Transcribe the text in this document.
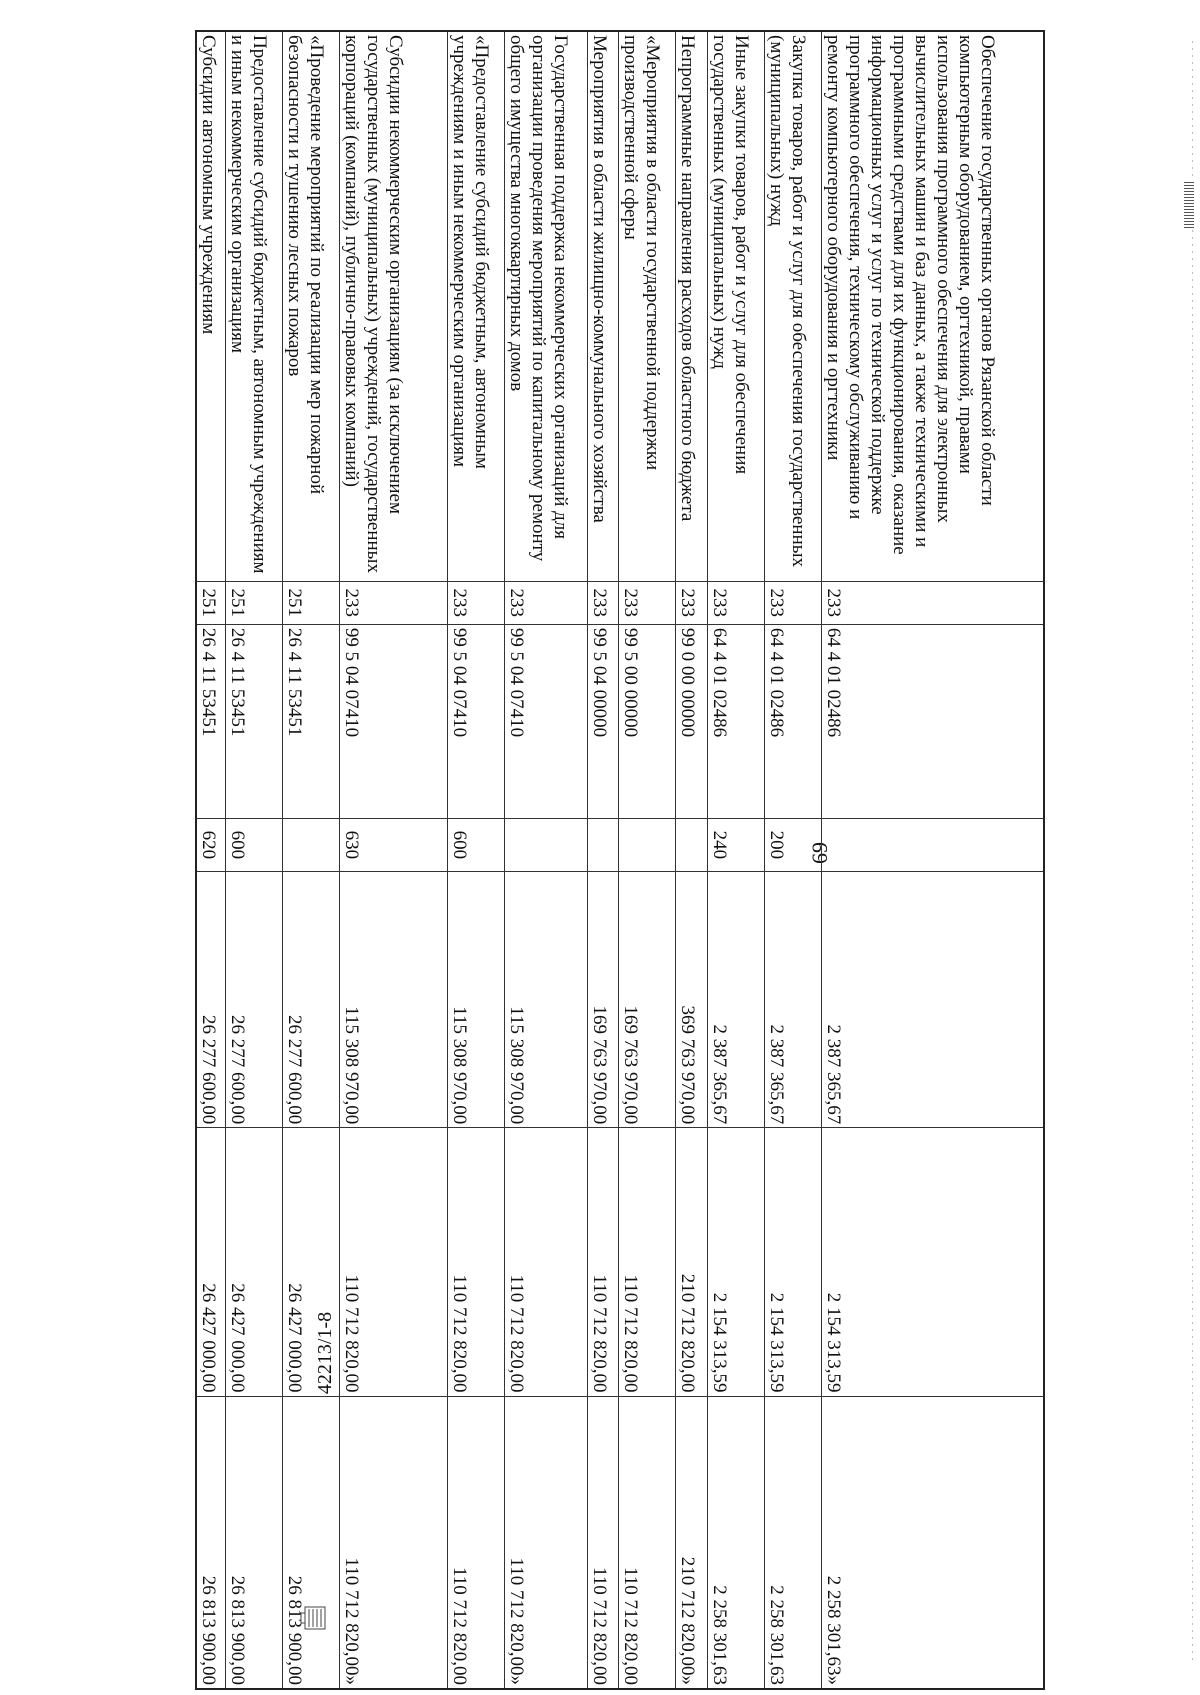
69
Обеспечение государственных органов Рязанской области компьютерным оборудованием, оргтехникой, правами использования программного обеспечения для электронных вычислительных машин и баз данных, а также техническими и программными средствами для их функционирования, оказание информационных услуг и услуг по технической поддержке программного обеспечения, техническому обслуживанию и ремонту компьютерного оборудования и оргтехники	233	64 4 01 02486		2 387 365,67	2 154 313,59	2 258 301,63»
Закупка товаров, работ и услуг для обеспечения государственных (муниципальных) нужд	233	64 4 01 02486	200	2 387 365,67	2 154 313,59	2 258 301,63
Иные закупки товаров, работ и услуг для обеспечения государственных (муниципальных) нужд	233	64 4 01 02486	240	2 387 365,67	2 154 313,59	2 258 301,63
Непрограммные направления расходов областного бюджета	233	99 0 00 00000		369 763 970,00	210 712 820,00	210 712 820,00»
«Мероприятия в области государственной поддержки производственной сферы	233	99 5 00 00000		169 763 970,00	110 712 820,00	110 712 820,00
Мероприятия в области жилищно-коммунального хозяйства	233	99 5 04 00000		169 763 970,00	110 712 820,00	110 712 820,00
Государственная поддержка некоммерческих организаций для организации проведения мероприятий по капитальному ремонту общего имущества многоквартирных домов	233	99 5 04 07410		115 308 970,00	110 712 820,00	110 712 820,00»
«Предоставление субсидий бюджетным, автономным учреждениям и иным некоммерческим организациям	233	99 5 04 07410	600	115 308 970,00	110 712 820,00	110 712 820,00
Субсидии некоммерческим организациям (за исключением государственных (муниципальных) учреждений, государственных корпораций (компаний), публично-правовых компаний)	233	99 5 04 07410	630	115 308 970,00	110 712 820,00	110 712 820,00»
«Проведение мероприятий по реализации мер пожарной безопасности и тушению лесных пожаров	251	26 4 11 53451		26 277 600,00	26 427 000,00	26 813 900,00
Предоставление субсидий бюджетным, автономным учреждениям и иным некоммерческим организациям	251	26 4 11 53451	600	26 277 600,00	26 427 000,00	26 813 900,00
Субсидии автономным учреждениям	251	26 4 11 53451	620	26 277 600,00	26 427 000,00	26 813 900,00
42213/1-8
